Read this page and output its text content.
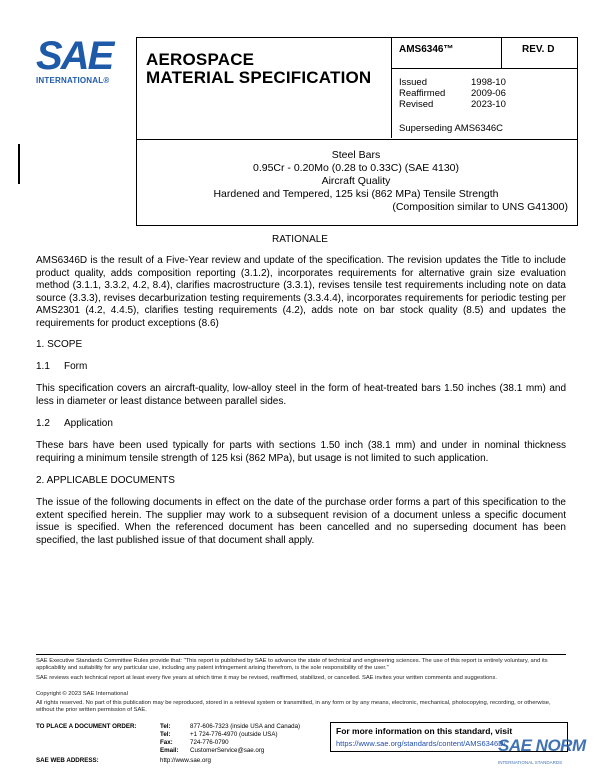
SAE
INTERNATIONAL®
AEROSPACE
MATERIAL SPECIFICATION
AMS6346™	REV. D
Issued	1998-10
Reaffirmed	2009-06
Revised	2023-10
Superseding AMS6346C
Steel Bars
0.95Cr - 0.20Mo (0.28 to 0.33C) (SAE 4130)
Aircraft Quality
Hardened and Tempered, 125 ksi (862 MPa) Tensile Strength
(Composition similar to UNS G41300)
RATIONALE
AMS6346D is the result of a Five-Year review and update of the specification. The revision updates the Title to include product quality, adds composition reporting (3.1.2), incorporates requirements for alternative grain size evaluation method (3.1.1, 3.3.2, 4.2, 8.4), clarifies macrostructure (3.3.1), revises tensile test requirements including note on data source (3.3.3), revises decarburization testing requirements (3.3.4.4), incorporates requirements for periodic testing per AMS2301 (4.2, 4.4.5), clarifies testing requirements (4.2), adds note on bar stock quality (8.5) and updates the requirements for product exceptions (8.6)
1. SCOPE
1.1 Form
This specification covers an aircraft-quality, low-alloy steel in the form of heat-treated bars 1.50 inches (38.1 mm) and less in diameter or least distance between parallel sides.
1.2 Application
These bars have been used typically for parts with sections 1.50 inch (38.1 mm) and under in nominal thickness requiring a minimum tensile strength of 125 ksi (862 MPa), but usage is not limited to such application.
2. APPLICABLE DOCUMENTS
The issue of the following documents in effect on the date of the purchase order forms a part of this specification to the extent specified herein. The supplier may work to a subsequent revision of a document unless a specific document issue is specified. When the referenced document has been cancelled and no superseding document has been specified, the last published issue of that document shall apply.
SAE Executive Standards Committee Rules provide that: "This report is published by SAE to advance the state of technical and engineering sciences. The use of this report is entirely voluntary, and its applicability and suitability for any particular use, including any patent infringement arising therefrom, is the sole responsibility of the user."
SAE reviews each technical report at least every five years at which time it may be revised, reaffirmed, stabilized, or cancelled. SAE invites your written comments and suggestions.
Copyright © 2023 SAE International
All rights reserved. No part of this publication may be reproduced, stored in a retrieval system or transmitted, in any form or by any means, electronic, mechanical, photocopying, recording, or otherwise, without the prior written permission of SAE.
TO PLACE A DOCUMENT ORDER:	Tel:	877-606-7323 (inside USA and Canada)
Tel:	+1 724-776-4970 (outside USA)
Fax:	724-776-0790
Email: CustomerService@sae.org
SAE WEB ADDRESS:	http://www.sae.org
For more information on this standard, visit
https://www.sae.org/standards/content/AMS6346D/
SAE NORM
INTERNATIONAL STANDARDS
